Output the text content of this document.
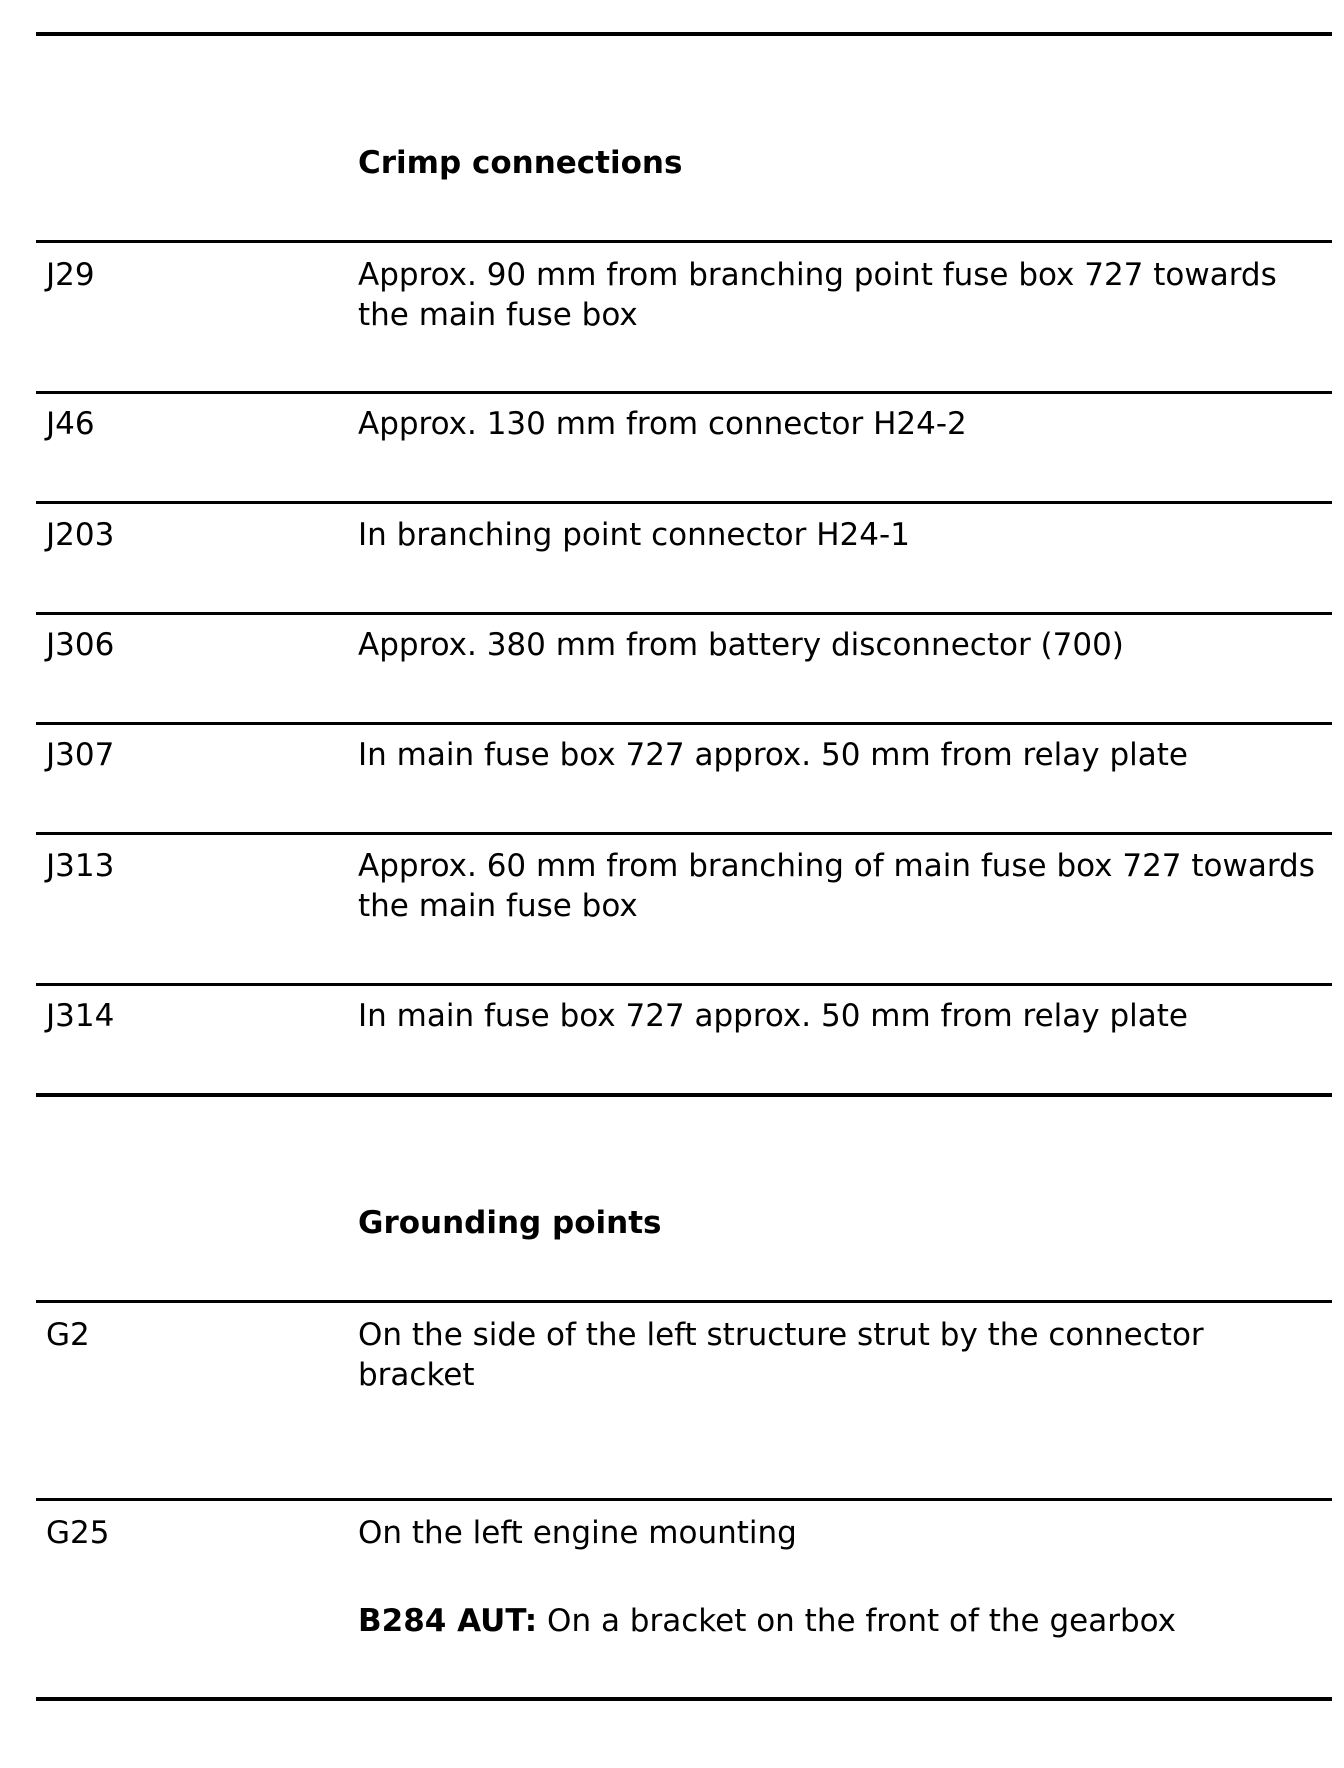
Crimp connections
J29	Approx. 90 mm from branching point fuse box 727 towards the main fuse box
J46	Approx. 130 mm from connector H24-2
J203	In branching point connector H24-1
J306	Approx. 380 mm from battery disconnector (700)
J307	In main fuse box 727 approx. 50 mm from relay plate
J313	Approx. 60 mm from branching of main fuse box 727 towards the main fuse box
J314	In main fuse box 727 approx. 50 mm from relay plate
Grounding points
G2	On the side of the left structure strut by the connector bracket
G25	On the left engine mounting
B284 AUT: On a bracket on the front of the gearbox
